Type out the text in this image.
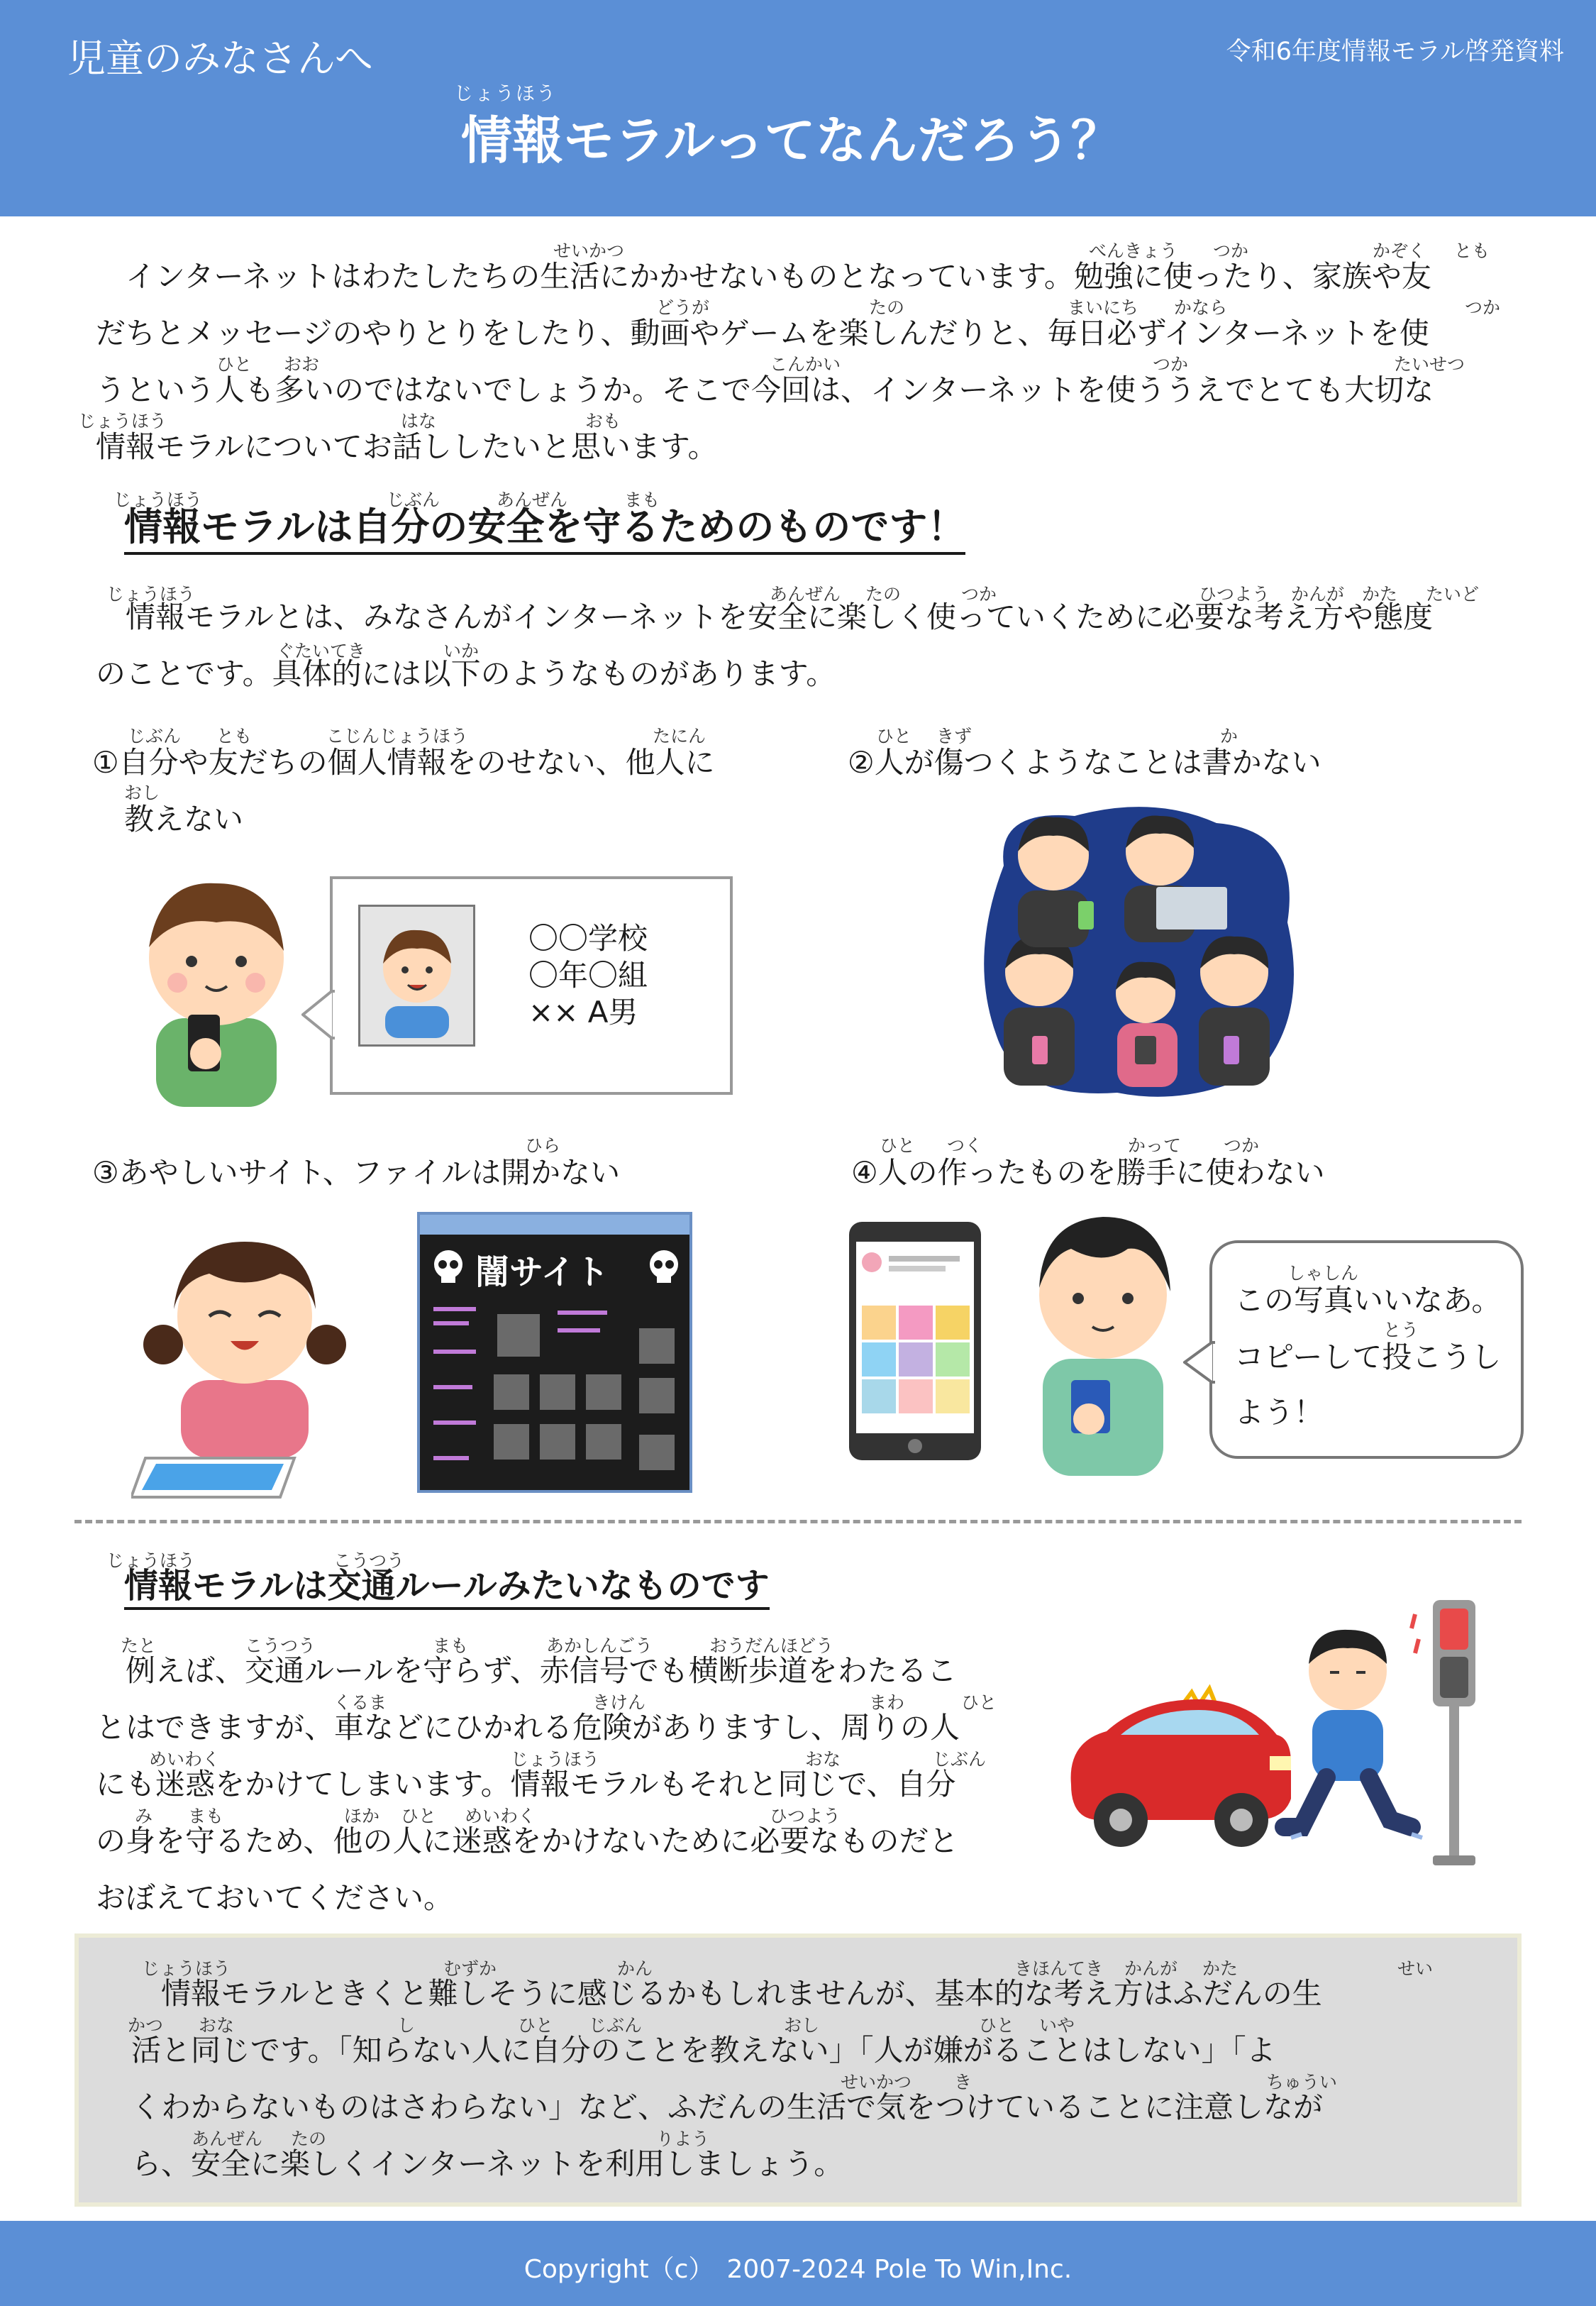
児童のみなさんへ	令和6年度情報モラル啓発資料
じょうほう
情報モラルってなんだろう？
せいかつ	べんきょう つか	かぞく とも
どうが	たの	まいにち かなら	つか
ひと おお	こんかい	つか	たいせつ
じょうほう	はな	おも

　インターネットはわたしたちの生活にかかせないものとなっています。勉強に使ったり、家族や友

だちとメッセージのやりとりをしたり、動画やゲームを楽しんだりと、毎日必ずインターネットを使

うという人も多いのではないでしょうか。そこで今回は、インターネットを使ううえでとても大切な

情報モラルについてお話ししたいと思います。

じょうほう	じぶん	あんぜん	まも
情報モラルは自分の安全を守るためのものです！
じょうほう	あんぜん たの	つか	ひつよう かんが かた たいど
ぐたいてき	いか

　情報モラルとは、みなさんがインターネットを安全に楽しく使っていくために必要な考え方や態度

のことです。具体的には以下のようなものがあります。

じぶん とも	こじんじょうほう	たにん
おし
①自分や友だちの個人情報をのせない、他人に
教えない
ひと きず	か
②人が傷つくようなことは書かない
〇〇学校
〇年〇組
×× A男
ひら
③あやしいサイト、ファイルは開かない
ひと つく	かって つか
④人の作ったものを勝手に使わない
闇サイト	しゃしん
とう
この写真いいなあ。
コピーして投こうし
よう！
じょうほう	こうつう
情報モラルは交通ルールみたいなものです
たと	こうつう	まも	あかしんごう	おうだんほどう
くるま	きけん	まわ	ひと
めいわく	じょうほう	おな	じぶん
み まも	ほか ひと めいわく	ひつよう

　例えば、交通ルールを守らず、赤信号でも横断歩道をわたるこ

とはできますが、車などにひかれる危険がありますし、周りの人

にも迷惑をかけてしまいます。情報モラルもそれと同じで、自分

の身を守るため、他の人に迷惑をかけないために必要なものだと

おぼえておいてください。

じょうほう	むずか	かん	きほんてき かんが かた	せい
かつ おな	し	ひと じぶん	おし	ひと いや
せいかつ き	ちゅうい
あんぜん たの	りよう

　情報モラルときくと難しそうに感じるかもしれませんが、基本的な考え方はふだんの生

活と同じです。「知らない人に自分のことを教えない」「人が嫌がることはしない」「よ

くわからないものはさわらない」など、ふだんの生活で気をつけていることに注意しなが

ら、安全に楽しくインターネットを利用しましょう。

Copyright（c）　2007-2024 Pole To Win,Inc.
